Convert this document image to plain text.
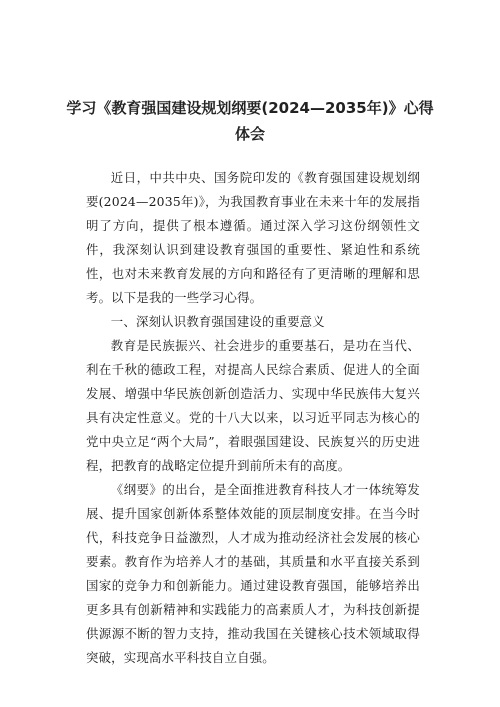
学习《教育强国建设规划纲要(2024—2035年)》心得
体会

近日，中共中央、国务院印发的《教育强国建设规划纲要(2024—2035年)》，为我国教育事业在未来十年的发展指明了方向，提供了根本遵循。通过深入学习这份纲领性文件，我深刻认识到建设教育强国的重要性、紧迫性和系统性，也对未来教育发展的方向和路径有了更清晰的理解和思考。以下是我的一些学习心得。

一、深刻认识教育强国建设的重要意义

教育是民族振兴、社会进步的重要基石，是功在当代、利在千秋的德政工程，对提高人民综合素质、促进人的全面发展、增强中华民族创新创造活力、实现中华民族伟大复兴具有决定性意义。党的十八大以来，以习近平同志为核心的党中央立足“两个大局”，着眼强国建设、民族复兴的历史进程，把教育的战略定位提升到前所未有的高度。

《纲要》的出台，是全面推进教育科技人才一体统筹发展、提升国家创新体系整体效能的顶层制度安排。在当今时代，科技竞争日益激烈，人才成为推动经济社会发展的核心要素。教育作为培养人才的基础，其质量和水平直接关系到国家的竞争力和创新能力。通过建设教育强国，能够培养出更多具有创新精神和实践能力的高素质人才，为科技创新提供源源不断的智力支持，推动我国在关键核心技术领域取得突破，实现高水平科技自立自强。
